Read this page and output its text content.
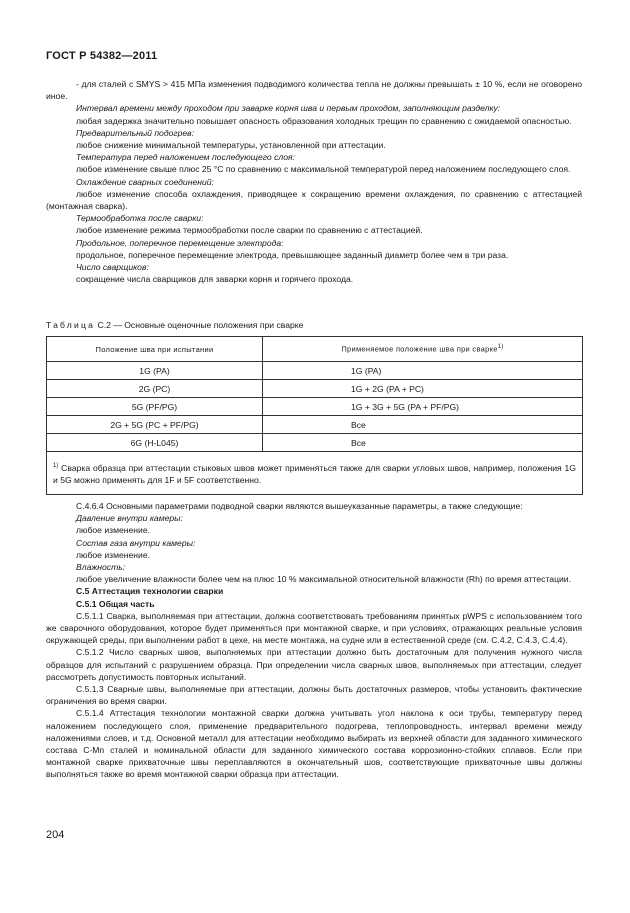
ГОСТ Р 54382—2011

- для сталей с SMYS > 415 МПа изменения подводимого количества тепла не должны превышать ± 10 %, если не оговорено иное.

Интервал времени между проходом при заварке корня шва и первым проходом, заполняющим разделку:

любая задержка значительно повышает опасность образования холодных трещин по сравнению с ожидаемой опасностью.

Предварительный подогрев:

любое снижение минимальной температуры, установленной при аттестации.

Температура перед наложением последующего слоя:

любое изменение свыше плюс 25 °С по сравнению с максимальной температурой перед наложением последующего слоя.

Охлаждение сварных соединений:

любое изменение способа охлаждения, приводящее к сокращению времени охлаждения, по сравнению с аттестацией (монтажная сварка).

Термообработка после сварки:

любое изменение режима термообработки после сварки по сравнению с аттестацией.

Продольное, поперечное перемещение электрода:

продольное, поперечное перемещение электрода, превышающее заданный диаметр более чем в три раза.

Число сварщиков:

сокращение числа сварщиков для заварки корня и горячего прохода.

Таблица С.2 — Основные оценочные положения при сварке
Положение шва при испытании	Применяемое положение шва при сварке$^{1)}$
1G (PA)	1G (PA)
2G (PC)	1G + 2G (PA + PC)
5G (PF/PG)	1G + 3G + 5G (PA + PF/PG)
2G + 5G (PC + PF/PG)	Все
6G (H-L045)	Все
$^{1)}$ Сварка образца при аттестации стыковых швов может применяться также для сварки угловых швов, например, положения 1G и 5G можно применять для 1F и 5F соответственно.	

С.4.6.4 Основными параметрами подводной сварки являются вышеуказанные параметры, а также следующие:

Давление внутри камеры:

любое изменение.

Состав газа внутри камеры:

любое изменение.

Влажность:

любое увеличение влажности более чем на плюс 10 % максимальной относительной влажности (Rh) по время аттестации.

С.5 Аттестация технологии сварки

С.5.1 Общая часть

С.5.1.1 Сварка, выполняемая при аттестации, должна соответствовать требованиям принятых pWPS с использованием того же сварочного оборудования, которое будет применяться при монтажной сварке, и при условиях, отражающих реальные условия окружающей среды, при выполнении работ в цехе, на месте монтажа, на судне или в естественной среде (см. С.4.2, С.4.3, С.4.4).

С.5.1.2 Число сварных швов, выполняемых при аттестации должно быть достаточным для получения нужного числа образцов для испытаний с разрушением образца. При определении числа сварных швов, выполняемых при аттестации, следует рассмотреть допустимость повторных испытаний.

С.5.1.3 Сварные швы, выполняемые при аттестации, должны быть достаточных размеров, чтобы установить фактические ограничения во время сварки.

С.5.1.4 Аттестация технологии монтажной сварки должна учитывать угол наклона к оси трубы, температуру перед наложением последующего слоя, применение предварительного подогрева, теплопроводность, интервал времени между наложениями слоев, и т.д. Основной металл для аттестации необходимо выбирать из верхней области для заданного химического состава C-Mn сталей и номинальной области для заданного химического состава коррозионно-стойких сплавов. Если при монтажной сварке прихваточные швы переплавляются в окончательный шов, соответствующие прихваточные швы должны выполняться также во время монтажной сварки образца при аттестации.

204
